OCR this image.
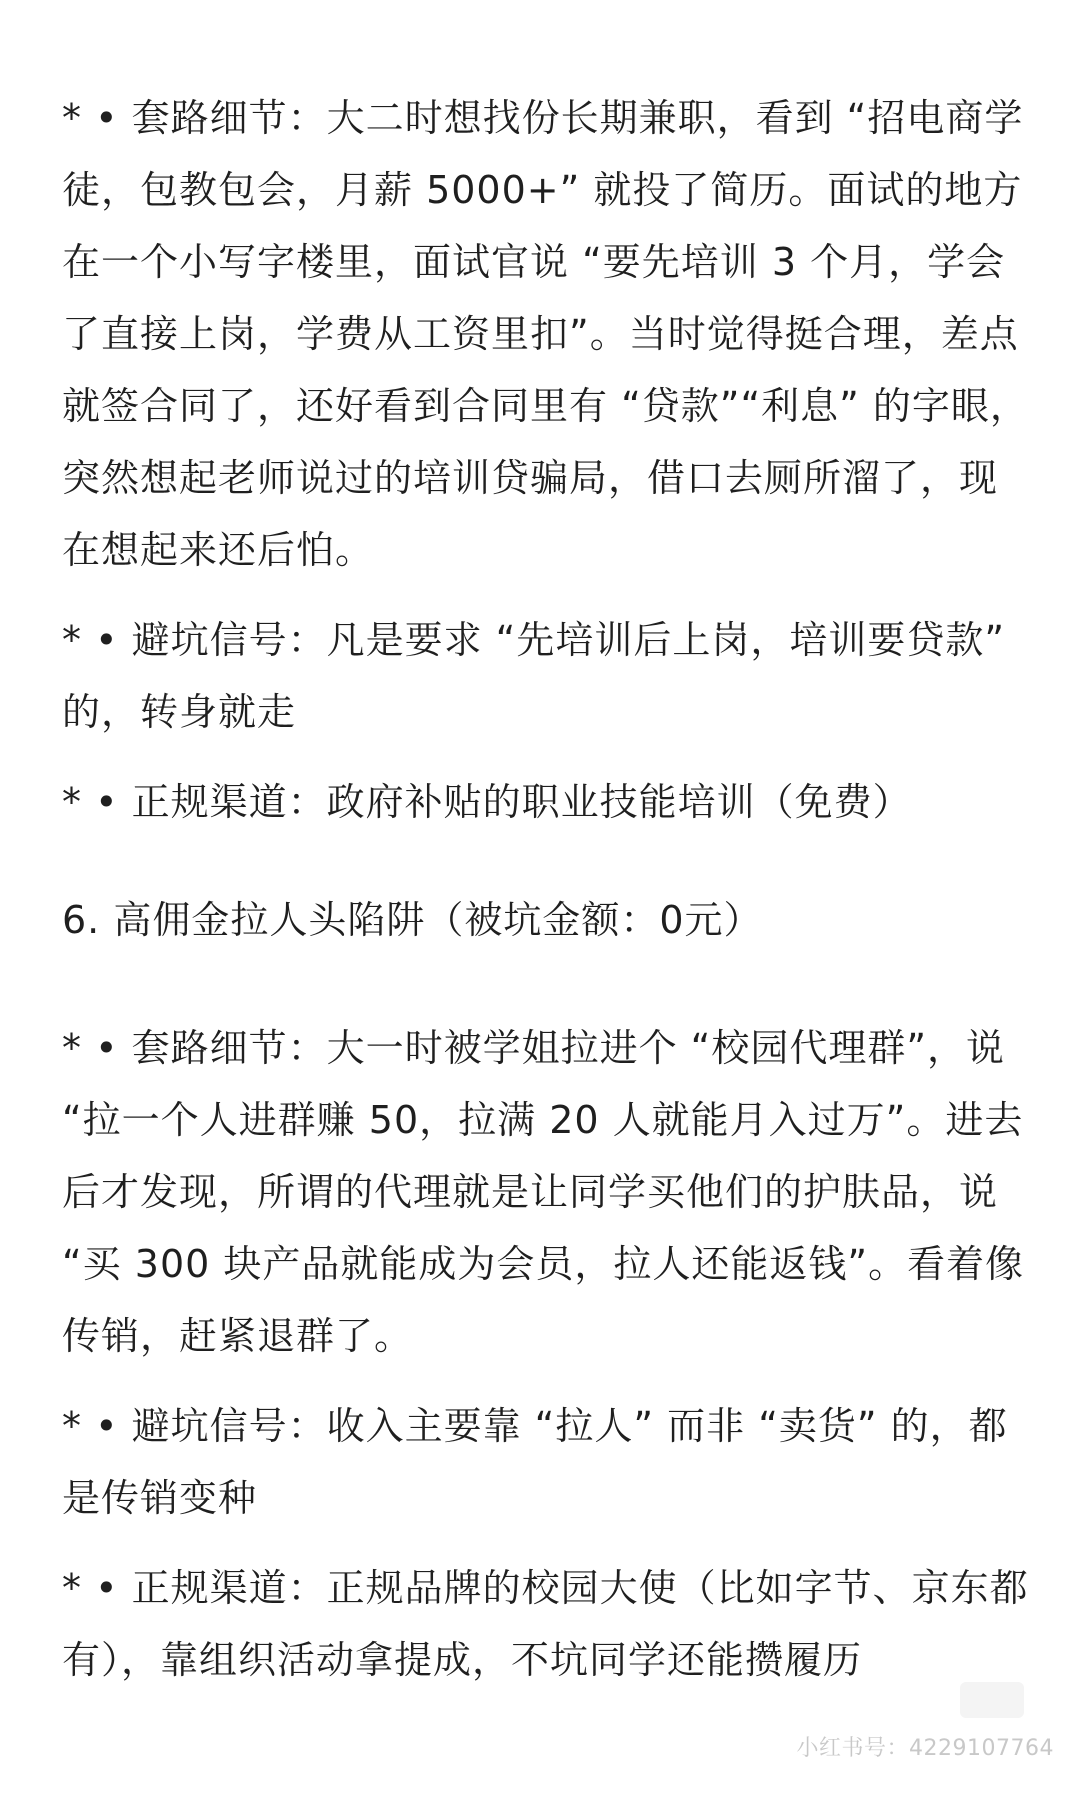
* • 套路细节：大二时想找份长期兼职，看到 “招电商学徒，包教包会，月薪 5000+” 就投了简历。面试的地方在一个小写字楼里，面试官说 “要先培训 3 个月，学会了直接上岗，学费从工资里扣”。当时觉得挺合理，差点就签合同了，还好看到合同里有 “贷款”“利息” 的字眼，突然想起老师说过的培训贷骗局，借口去厕所溜了，现在想起来还后怕。

* • 避坑信号：凡是要求 “先培训后上岗，培训要贷款” 的，转身就走

* • 正规渠道：政府补贴的职业技能培训（免费）

6. 高佣金拉人头陷阱（被坑金额：0元）

* • 套路细节：大一时被学姐拉进个 “校园代理群”，说 “拉一个人进群赚 50，拉满 20 人就能月入过万”。进去后才发现，所谓的代理就是让同学买他们的护肤品，说 “买 300 块产品就能成为会员，拉人还能返钱”。看着像传销，赶紧退群了。

* • 避坑信号：收入主要靠 “拉人” 而非 “卖货” 的，都是传销变种

* • 正规渠道：正规品牌的校园大使（比如字节、京东都有），靠组织活动拿提成，不坑同学还能攒履历

小红书号：4229107764
